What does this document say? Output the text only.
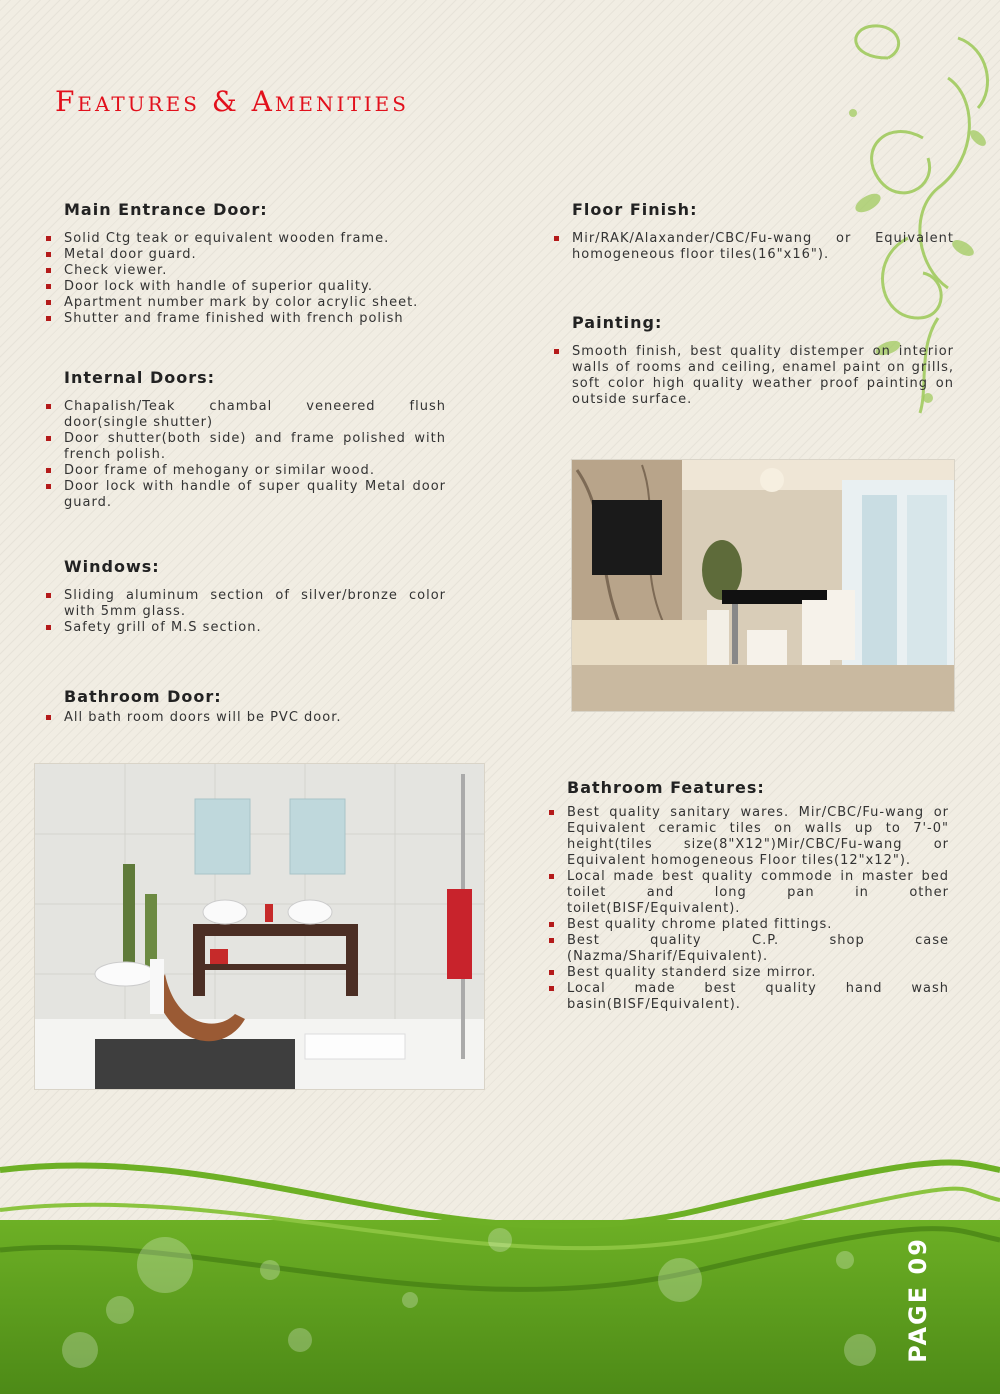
Features & Amenities
Main Entrance Door:
Solid Ctg teak or equivalent wooden frame.
Metal door guard.
Check viewer.
Door lock with handle of superior quality.
Apartment number mark by color acrylic sheet.
Shutter and frame finished with french polish
Internal Doors:
Chapalish/Teak chambal veneered flush door(single shutter)
Door shutter(both side) and frame polished with french polish.
Door frame of mehogany or similar wood.
Door lock with handle of super quality Metal door guard.
Windows:
Sliding aluminum section of silver/bronze color with 5mm glass.
Safety grill of M.S section.
Bathroom Door:
All bath room doors will be PVC door.
Floor Finish:
Mir/RAK/Alaxander/CBC/Fu-wang or Equivalent homogeneous floor tiles(16"x16").
Painting:
Smooth finish, best quality distemper on interior walls of rooms and ceiling, enamel paint on grills, soft color high quality weather proof painting on outside surface.
Bathroom Features:
Best quality sanitary wares. Mir/CBC/Fu-wang or Equivalent ceramic tiles on walls up to 7'-0" height(tiles size(8"X12")Mir/CBC/Fu-wang or Equivalent homogeneous Floor tiles(12"x12").
Local made best quality commode in master bed toilet and long pan in other toilet(BISF/Equivalent).
Best quality chrome plated fittings.
Best quality C.P. shop case (Nazma/Sharif/Equivalent).
Best quality standerd size mirror.
Local made best quality hand wash basin(BISF/Equivalent).
PAGE 09
